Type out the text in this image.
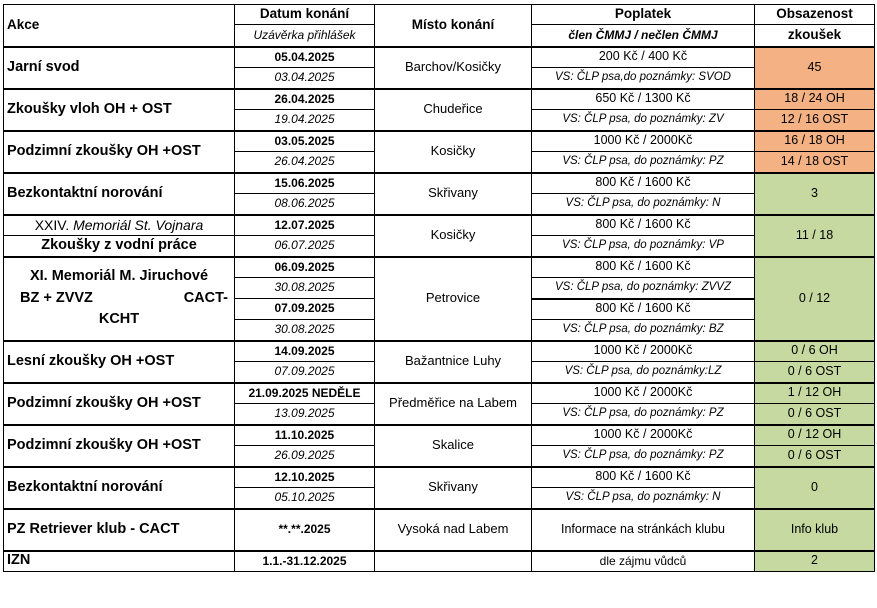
Akce	Datum konání	Místo konání	Poplatek	Obsazenost
	Uzávěrka přihlášek		člen ČMMJ / nečlen ČMMJ	zkoušek
Jarní svod	05.04.2025	Barchov/Kosičky	200 Kč / 400 Kč	45
	03.04.2025		VS: ČLP psa,do poznámky: SVOD	
Zkoušky vloh OH + OST	26.04.2025	Chudeřice	650 Kč / 1300 Kč	18 / 24 OH
	19.04.2025		VS: ČLP psa, do poznámky: ZV	12 / 16 OST
Podzimní zkoušky OH +OST	03.05.2025	Kosičky	1000 Kč / 2000Kč	16 / 18 OH
	26.04.2025		VS: ČLP psa, do poznámky: PZ	14 / 18 OST
Bezkontaktní norování	15.06.2025	Skřivany	800 Kč / 1600 Kč	3
	08.06.2025		VS: ČLP psa, do poznámky: N	
XXIV. Memoriál St. Vojnara	12.07.2025	Kosičky	800 Kč / 1600 Kč	11 / 18
Zkoušky z vodní práce	06.07.2025		VS: ČLP psa, do poznámky: VP	

XI. Memoriál M. Jiruchové
BZ + ZVVZ CACT-
KCHT	06.09.2025	Petrovice	800 Kč / 1600 Kč	0 / 12
	30.08.2025		VS: ČLP psa, do poznámky: ZVVZ	
	07.09.2025		800 Kč / 1600 Kč	
	30.08.2025		VS: ČLP psa, do poznámky: BZ	
Lesní zkoušky OH +OST	14.09.2025	Bažantnice Luhy	1000 Kč / 2000Kč	0 / 6 OH
	07.09.2025		VS: ČLP psa, do poznámky:LZ	0 / 6 OST
Podzimní zkoušky OH +OST	21.09.2025 NEDĚLE	Předměřice na Labem	1000 Kč / 2000Kč	1 / 12 OH
	13.09.2025		VS: ČLP psa, do poznámky: PZ	0 / 6 OST
Podzimní zkoušky OH +OST	11.10.2025	Skalice	1000 Kč / 2000Kč	0 / 12 OH
	26.09.2025		VS: ČLP psa, do poznámky: PZ	0 / 6 OST
Bezkontaktní norování	12.10.2025	Skřivany	800 Kč / 1600 Kč	0
	05.10.2025		VS: ČLP psa, do poznámky: N	
PZ Retriever klub - CACT	**.**.2025	Vysoká nad Labem	Informace na stránkách klubu	Info klub
IZN	1.1.-31.12.2025		dle zájmu vůdců	2
